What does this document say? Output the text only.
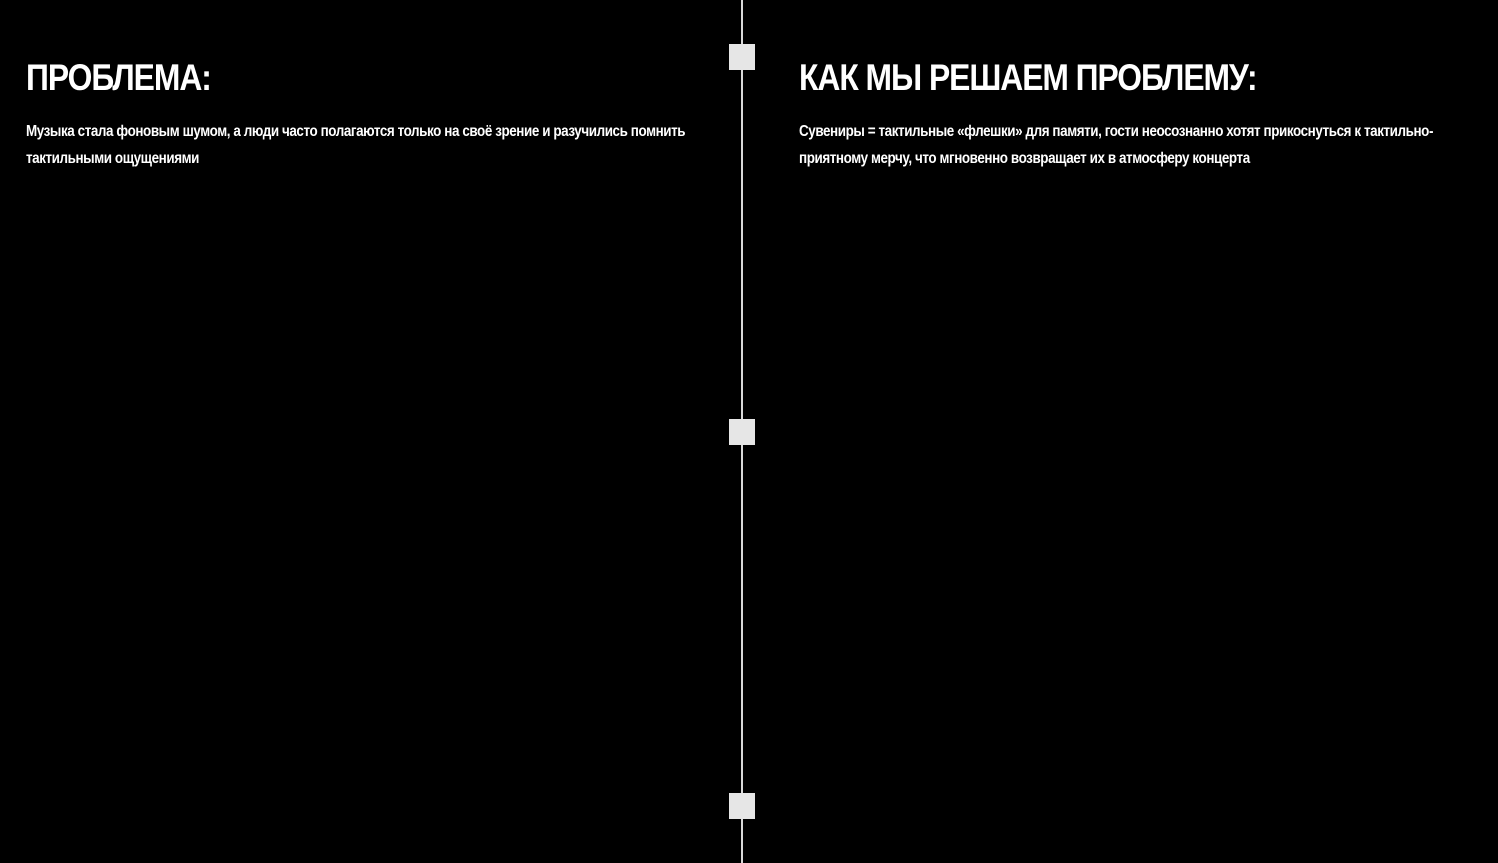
ПРОБЛЕМА:

Музыка стала фоновым шумом, а люди часто полагаются только на своё зрение и разучились помнить тактильными ощущениями

КАК МЫ РЕШАЕМ ПРОБЛЕМУ:

Сувениры = тактильные «флешки» для памяти, гости неосознанно хотят прикоснуться к тактильно-приятному мерчу, что мгновенно возвращает их в атмосферу концерта
